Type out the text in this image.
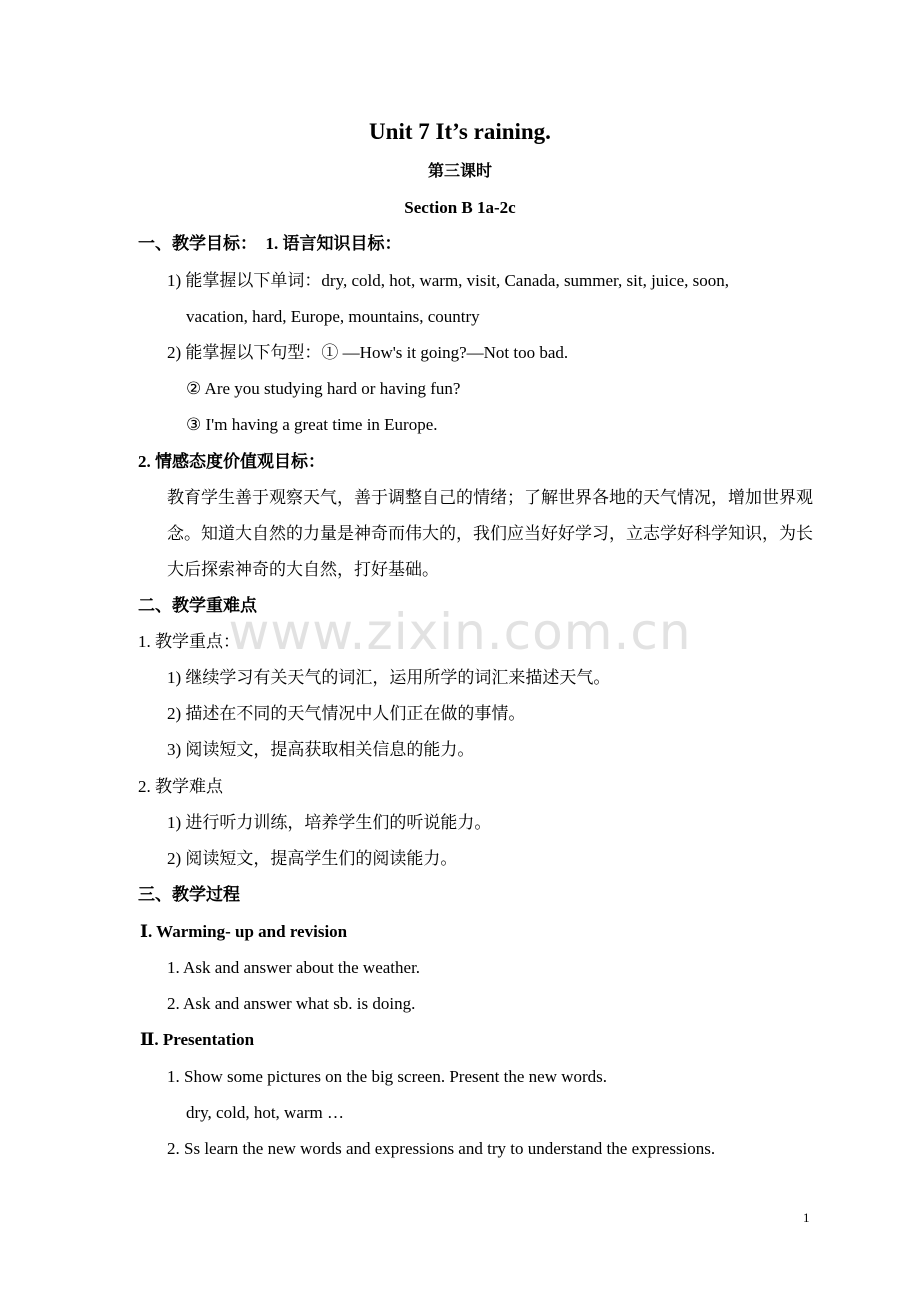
www.zixin.com.cn
Unit 7 It’s raining.
第三课时
Section B 1a-2c
一、教学目标： 1. 语言知识目标：
1) 能掌握以下单词：dry, cold, hot, warm, visit, Canada, summer, sit, juice, soon,
vacation, hard, Europe, mountains, country
2) 能掌握以下句型：① —How's it going?—Not too bad.
② Are you studying hard or having fun?
③ I'm having a great time in Europe.
2. 情感态度价值观目标：
教育学生善于观察天气，善于调整自己的情绪；了解世界各地的天气情况，增加世界观念。知道大自然的力量是神奇而伟大的，我们应当好好学习，立志学好科学知识，为长大后探索神奇的大自然，打好基础。
二、教学重难点
1. 教学重点：
1) 继续学习有关天气的词汇，运用所学的词汇来描述天气。
2) 描述在不同的天气情况中人们正在做的事情。
3) 阅读短文，提高获取相关信息的能力。
2. 教学难点
1) 进行听力训练，培养学生们的听说能力。
2) 阅读短文，提高学生们的阅读能力。
三、教学过程
Ⅰ. Warming- up and revision
1. Ask and answer about the weather.
2. Ask and answer what sb. is doing.
Ⅱ. Presentation
1. Show some pictures on the big screen. Present the new words.
dry, cold, hot, warm …
2. Ss learn the new words and expressions and try to understand the expressions.
1
